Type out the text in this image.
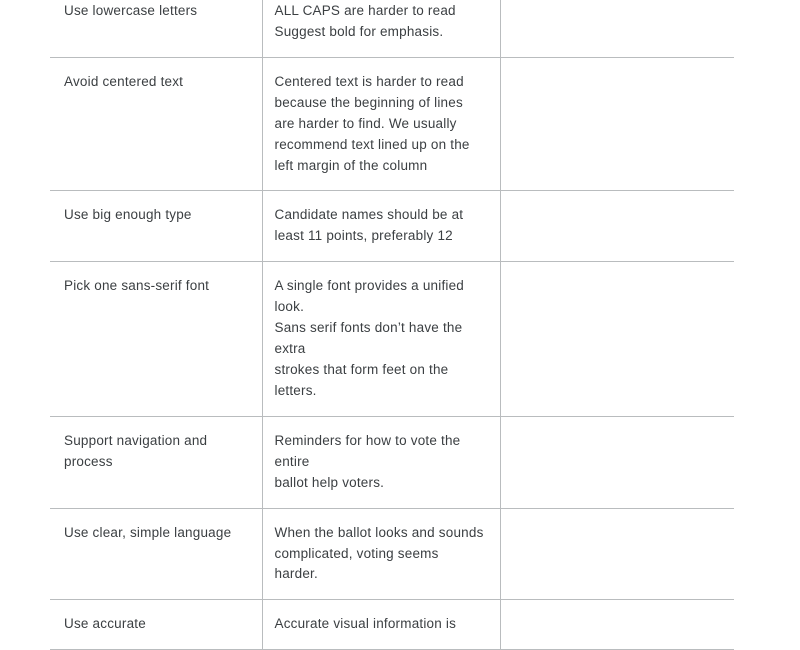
Use lowercase letters	ALL CAPS are harder to read
Suggest bold for emphasis.	

Avoid centered text	Centered text is harder to read
because the beginning of lines
are harder to find. We usually
recommend text lined up on the
left margin of the column	

Use big enough type	Candidate names should be at
least 11 points, preferably 12	

Pick one sans-serif font	A single font provides a unified look.
Sans serif fonts don’t have the extra
strokes that form feet on the letters.	

Support navigation and process	Reminders for how to vote the entire
ballot help voters.	

Use clear, simple language	When the ballot looks and sounds
complicated, voting seems harder.	

Use accurate	Accurate visual information is	
